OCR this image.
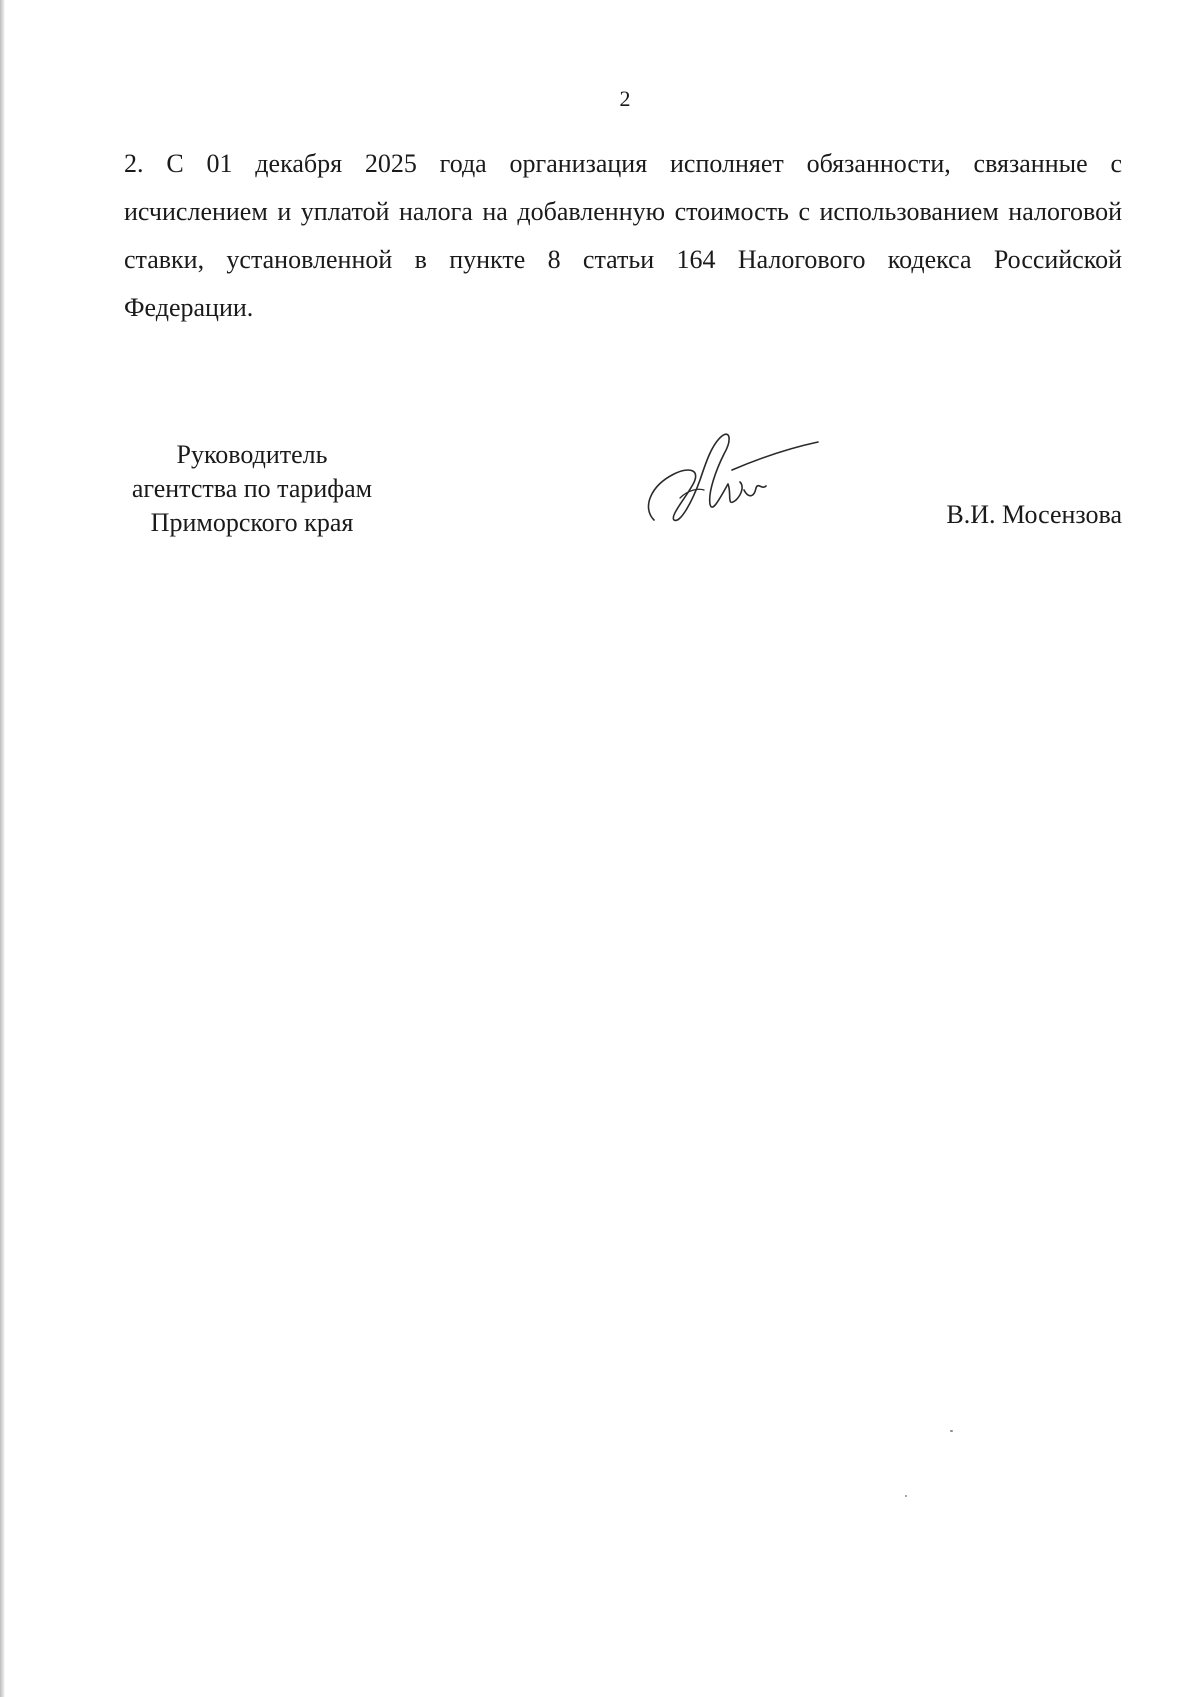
2

2. С 01 декабря 2025 года организация исполняет обязанности, связанные с исчислением и уплатой налога на добавленную стоимость с использованием налоговой ставки, установленной в пункте 8 статьи 164 Налогового кодекса Российской Федерации.

Руководитель
агентства по тарифам
Приморского края	В.И. Мосензова
